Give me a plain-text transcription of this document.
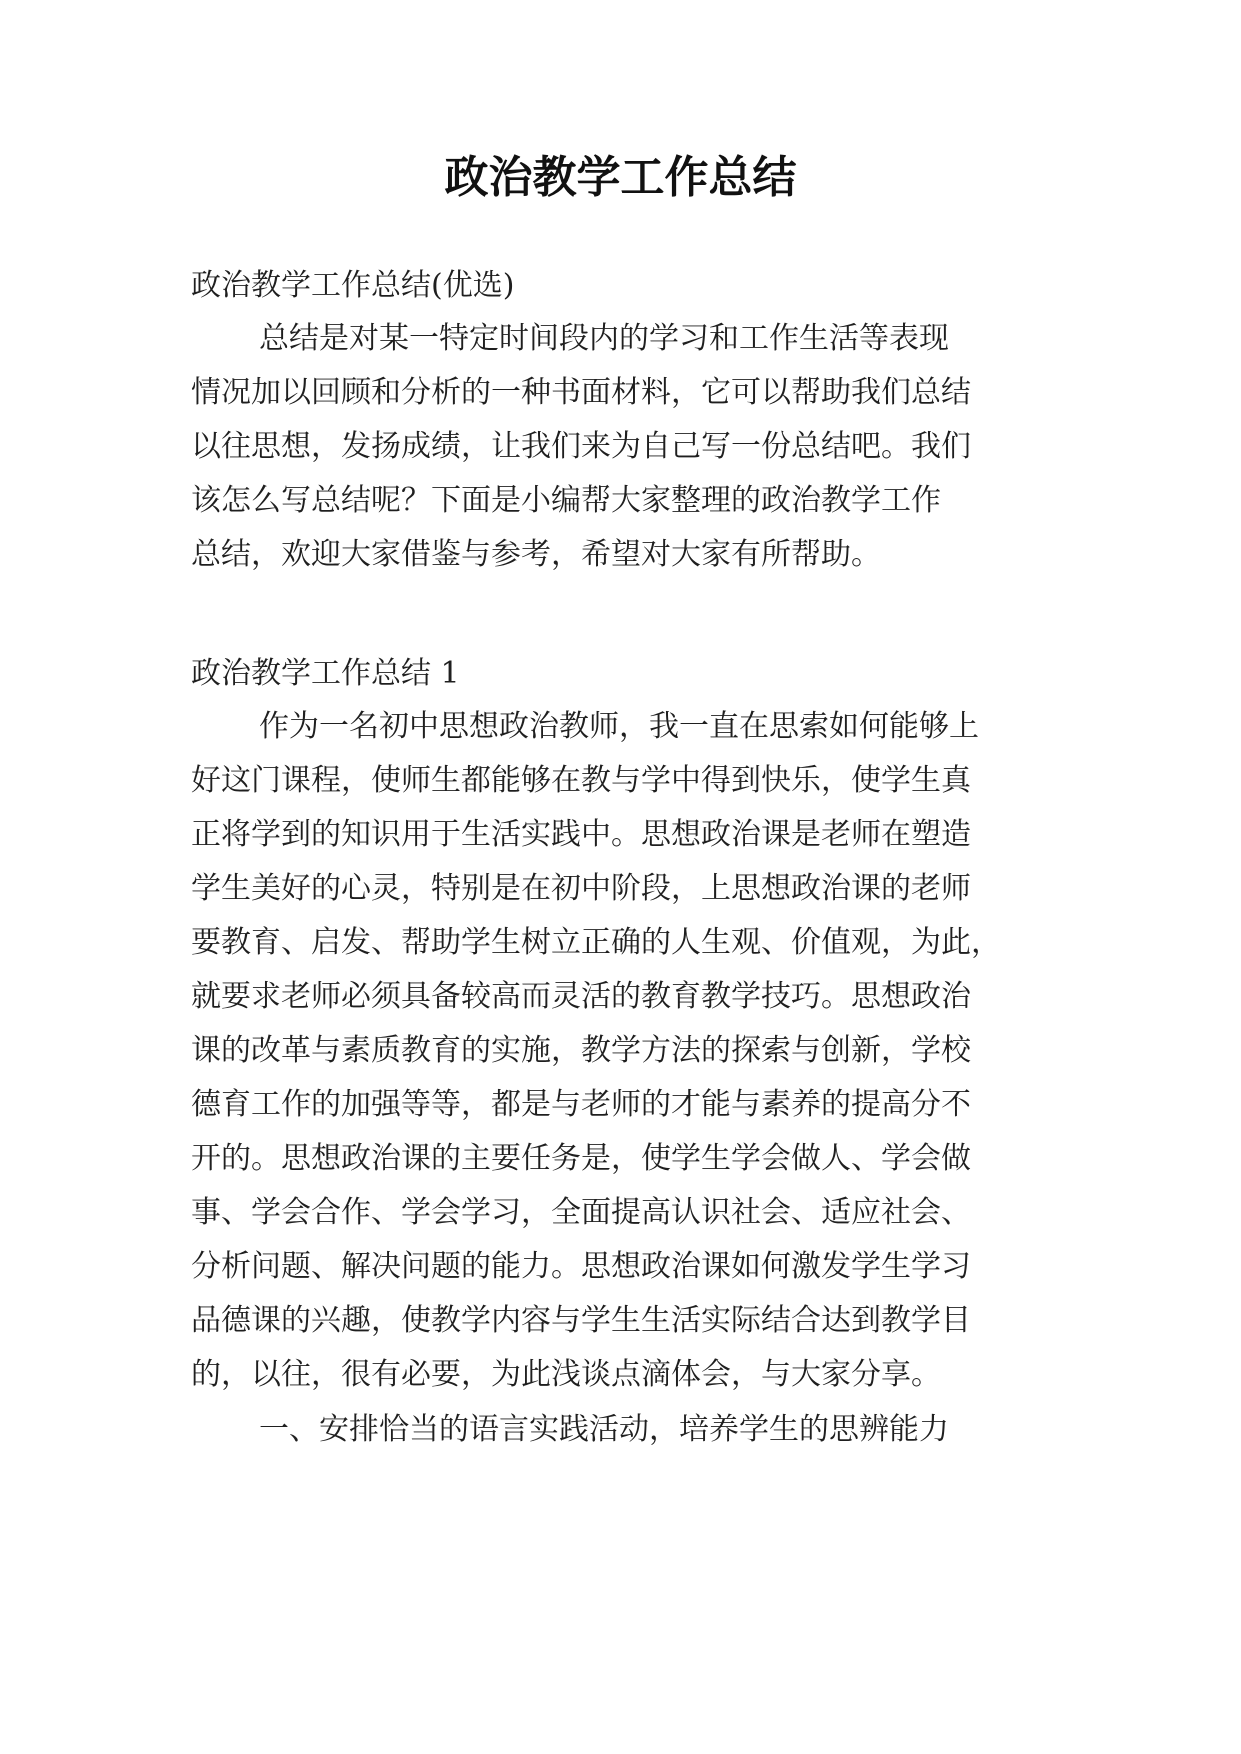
政治教学工作总结
政治教学工作总结(优选)
总结是对某一特定时间段内的学习和工作生活等表现
情况加以回顾和分析的一种书面材料，它可以帮助我们总结
以往思想，发扬成绩，让我们来为自己写一份总结吧。我们
该怎么写总结呢？下面是小编帮大家整理的政治教学工作
总结，欢迎大家借鉴与参考，希望对大家有所帮助。
政治教学工作总结 1
作为一名初中思想政治教师，我一直在思索如何能够上
好这门课程，使师生都能够在教与学中得到快乐，使学生真
正将学到的知识用于生活实践中。思想政治课是老师在塑造
学生美好的心灵，特别是在初中阶段，上思想政治课的老师
要教育、启发、帮助学生树立正确的人生观、价值观，为此，
就要求老师必须具备较高而灵活的教育教学技巧。思想政治
课的改革与素质教育的实施，教学方法的探索与创新，学校
德育工作的加强等等，都是与老师的才能与素养的提高分不
开的。思想政治课的主要任务是，使学生学会做人、学会做
事、学会合作、学会学习，全面提高认识社会、适应社会、
分析问题、解决问题的能力。思想政治课如何激发学生学习
品德课的兴趣，使教学内容与学生生活实际结合达到教学目
的，以往，很有必要，为此浅谈点滴体会，与大家分享。
一、安排恰当的语言实践活动，培养学生的思辨能力
